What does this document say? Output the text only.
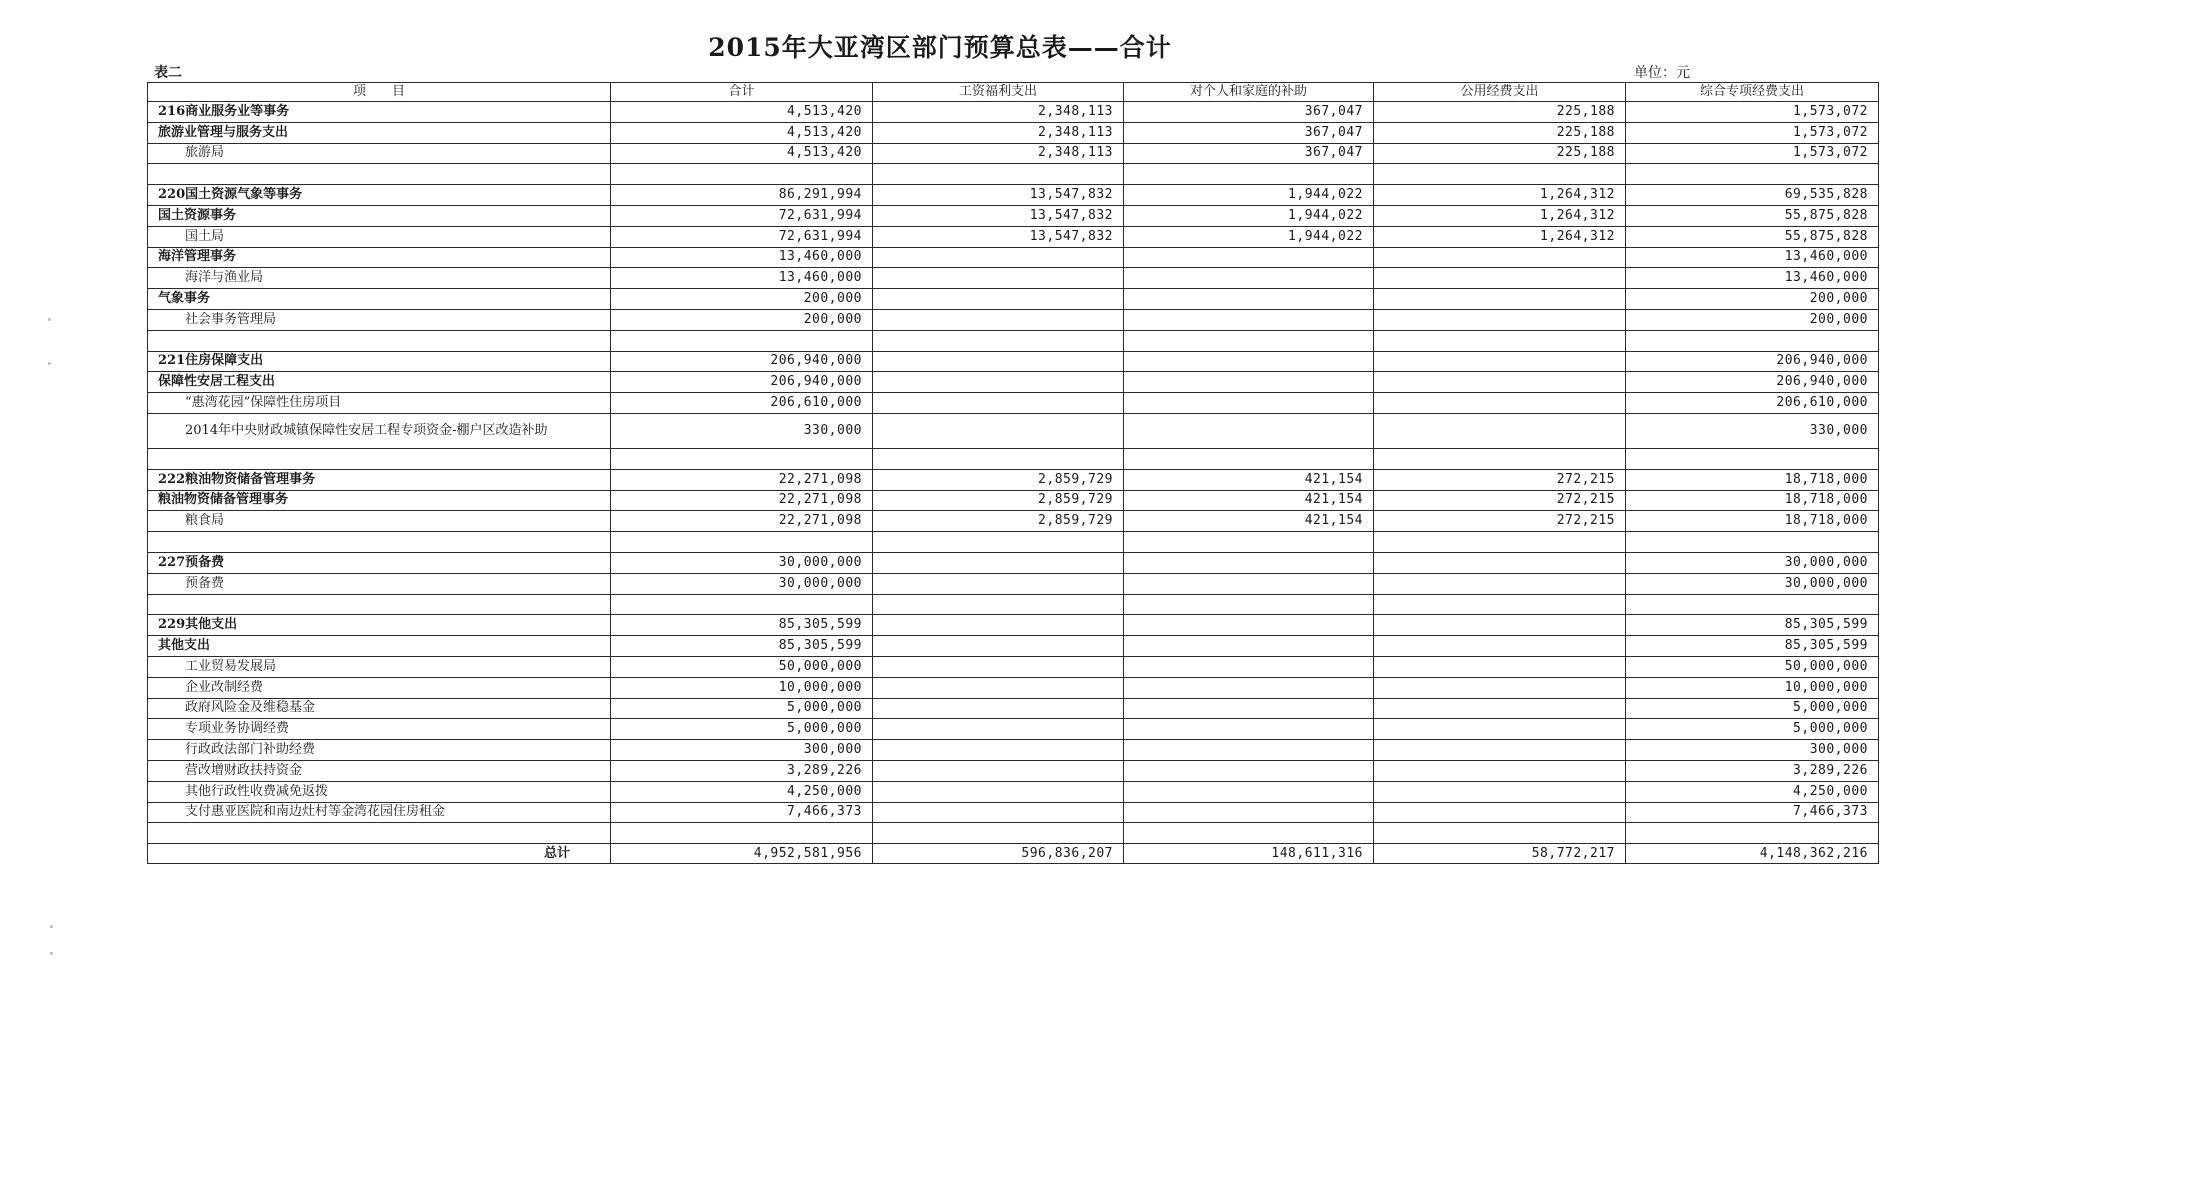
2015年大亚湾区部门预算总表——合计
表二	单位：元
项　　目	合计	工资福利支出	对个人和家庭的补助	公用经费支出	综合专项经费支出
216商业服务业等事务	4,513,420	2,348,113	367,047	225,188	1,573,072
旅游业管理与服务支出	4,513,420	2,348,113	367,047	225,188	1,573,072
旅游局	4,513,420	2,348,113	367,047	225,188	1,573,072

220国土资源气象等事务	86,291,994	13,547,832	1,944,022	1,264,312	69,535,828
国土资源事务	72,631,994	13,547,832	1,944,022	1,264,312	55,875,828
国土局	72,631,994	13,547,832	1,944,022	1,264,312	55,875,828
海洋管理事务	13,460,000				13,460,000
海洋与渔业局	13,460,000				13,460,000
气象事务	200,000				200,000
社会事务管理局	200,000				200,000

221住房保障支出	206,940,000				206,940,000
保障性安居工程支出	206,940,000				206,940,000
“惠湾花园”保障性住房项目	206,610,000				206,610,000
2014年中央财政城镇保障性安居工程专项资金-棚户区改造补助	330,000				330,000

222粮油物资储备管理事务	22,271,098	2,859,729	421,154	272,215	18,718,000
粮油物资储备管理事务	22,271,098	2,859,729	421,154	272,215	18,718,000
粮食局	22,271,098	2,859,729	421,154	272,215	18,718,000

227预备费	30,000,000				30,000,000
预备费	30,000,000				30,000,000

229其他支出	85,305,599				85,305,599
其他支出	85,305,599				85,305,599
工业贸易发展局	50,000,000				50,000,000
企业改制经费	10,000,000				10,000,000
政府风险金及维稳基金	5,000,000				5,000,000
专项业务协调经费	5,000,000				5,000,000
行政政法部门补助经费	300,000				300,000
营改增财政扶持资金	3,289,226				3,289,226
其他行政性收费减免返拨	4,250,000				4,250,000
支付惠亚医院和南边灶村等金湾花园住房租金	7,466,373				7,466,373

总计	4,952,581,956	596,836,207	148,611,316	58,772,217	4,148,362,216
